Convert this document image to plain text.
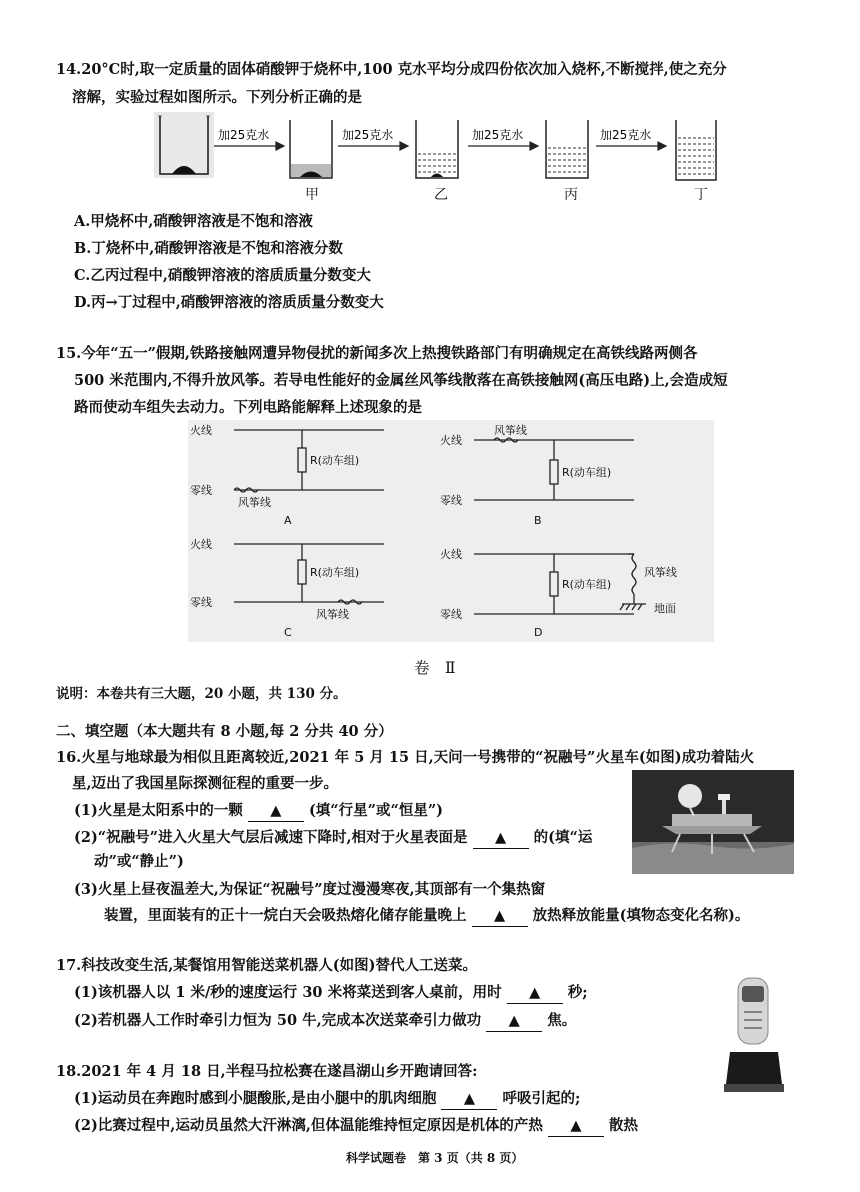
14.20°C时,取一定质量的固体硝酸钾于烧杯中,100 克水平均分成四份依次加入烧杯,不断搅拌,使之充分
溶解，实验过程如图所示。下列分析正确的是
加25克水	加25克水	加25克水	加25克水
甲	乙	丙	丁
A.甲烧杯中,硝酸钾溶液是不饱和溶液
B.丁烧杯中,硝酸钾溶液是不饱和溶液分数
C.乙丙过程中,硝酸钾溶液的溶质质量分数变大
D.丙→丁过程中,硝酸钾溶液的溶质质量分数变大
15.今年“五一”假期,铁路接触网遭异物侵扰的新闻多次上热搜铁路部门有明确规定在高铁线路两侧各
500 米范围内,不得升放风筝。若导电性能好的金属丝风筝线散落在高铁接触网(高压电路)上,会造成短
路而使动车组失去动力。下列电路能解释上述现象的是
火线
零线
R(动车组)
风筝线
A
火线
风筝线
零线
R(动车组)
B
火线
零线
R(动车组)
风筝线
C
火线
零线
R(动车组)
风筝线
地面
D
卷　Ⅱ
说明：本卷共有三大题，20 小题，共 130 分。
二、填空题（本大题共有 8 小题,每 2 分共 40 分）
16.火星与地球最为相似且距离较近,2021 年 5 月 15 日,天问一号携带的“祝融号”火星车(如图)成功着陆火
星,迈出了我国星际探测征程的重要一步。
(1)火星是太阳系中的一颗 ▲ (填“行星”或“恒星”)
(2)“祝融号”进入火星大气层后减速下降时,相对于火星表面是 ▲ 的(填“运
动”或“静止”)
(3)火星上昼夜温差大,为保证“祝融号”度过漫漫寒夜,其顶部有一个集热窗
装置，里面装有的正十一烷白天会吸热熔化储存能量晚上 ▲ 放热释放能量(填物态变化名称)。
17.科技改变生活,某餐馆用智能送菜机器人(如图)替代人工送菜。
(1)该机器人以 1 米/秒的速度运行 30 米将菜送到客人桌前，用时 ▲ 秒;
(2)若机器人工作时牵引力恒为 50 牛,完成本次送菜牵引力做功 ▲ 焦。
18.2021 年 4 月 18 日,半程马拉松赛在遂昌湖山乡开跑请回答:
(1)运动员在奔跑时感到小腿酸胀,是由小腿中的肌肉细胞 ▲ 呼吸引起的;
(2)比赛过程中,运动员虽然大汗淋漓,但体温能维持恒定原因是机体的产热 ▲ 散热
科学试题卷　第 3 页（共 8 页）
